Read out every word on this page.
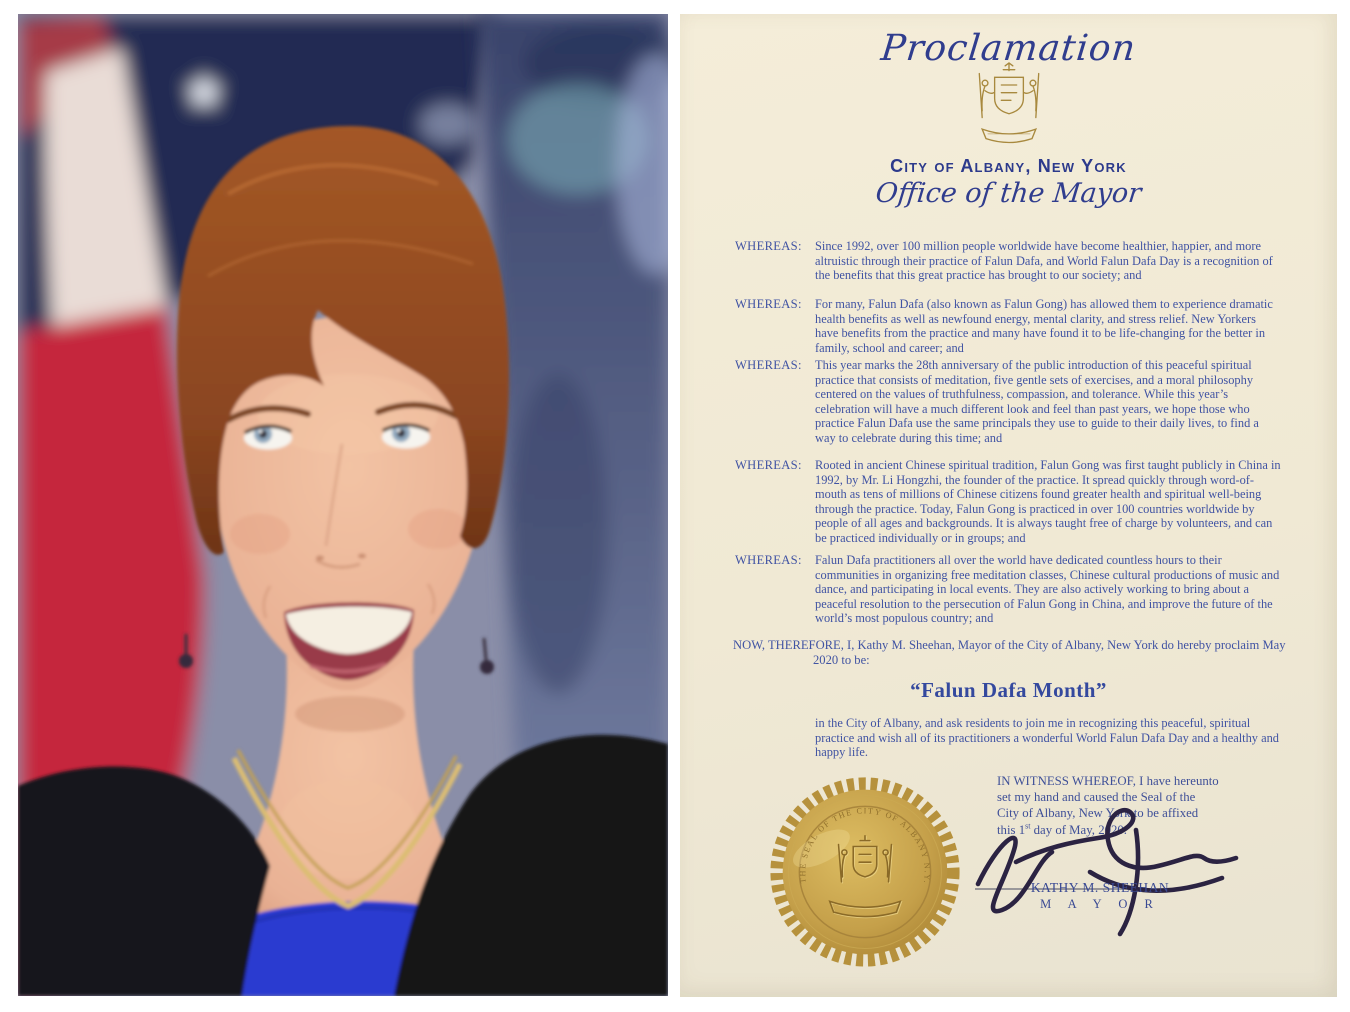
Proclamation
City of Albany, New York
Office of the Mayor
WHEREAS:	Since 1992, over 100 million people worldwide have become healthier, happier, and more altruistic through their practice of Falun Dafa, and World Falun Dafa Day is a recognition of the benefits that this great practice has brought to our society; and
WHEREAS:	For many, Falun Dafa (also known as Falun Gong) has allowed them to experience dramatic health benefits as well as newfound energy, mental clarity, and stress relief. New Yorkers have benefits from the practice and many have found it to be life-changing for the better in family, school and career; and
WHEREAS:	This year marks the 28th anniversary of the public introduction of this peaceful spiritual practice that consists of meditation, five gentle sets of exercises, and a moral philosophy centered on the values of truthfulness, compassion, and tolerance. While this year’s celebration will have a much different look and feel than past years, we hope those who practice Falun Dafa use the same principals they use to guide to their daily lives, to find a way to celebrate during this time; and
WHEREAS:	Rooted in ancient Chinese spiritual tradition, Falun Gong was first taught publicly in China in 1992, by Mr. Li Hongzhi, the founder of the practice. It spread quickly through word-of-mouth as tens of millions of Chinese citizens found greater health and spiritual well-being through the practice. Today, Falun Gong is practiced in over 100 countries worldwide by people of all ages and backgrounds. It is always taught free of charge by volunteers, and can be practiced individually or in groups; and
WHEREAS:	Falun Dafa practitioners all over the world have dedicated countless hours to their communities in organizing free meditation classes, Chinese cultural productions of music and dance, and participating in local events. They are also actively working to bring about a peaceful resolution to the persecution of Falun Gong in China, and improve the future of the world’s most populous country; and
NOW, THEREFORE, I, Kathy M. Sheehan, Mayor of the City of Albany, New York do hereby proclaim May
2020 to be:
“Falun Dafa Month”
in the City of Albany, and ask residents to join me in recognizing this peaceful, spiritual practice and wish all of its practitioners a wonderful World Falun Dafa Day and a healthy and happy life.
IN WITNESS WHEREOF, I have hereunto
set my hand and caused the Seal of the
City of Albany, New York to be affixed
this 1st day of May, 2020.
THE SEAL OF THE CITY OF ALBANY N.Y.	KATHY M. SHEEHAN
M A Y O R
